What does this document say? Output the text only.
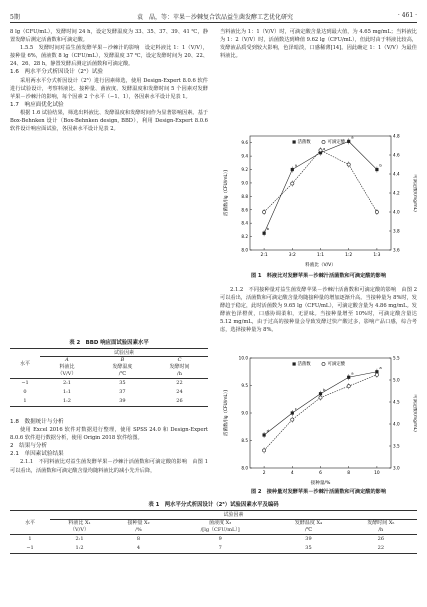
5期	袁　晶，等：苹果－沙棘复合饮品益生菌发酵工艺优化研究	· 461 ·

8 lg（CFU/mL），发酵时间 24 h，设定发酵温度为 33、35、37、39、41 ℃，静置发酵后测定活菌数和可滴定酸。

1.5.5　发酵时间对益生菌发酵苹果－沙棘汁的影响　设定料液比 1：1（V/V），接种量 6%，菌液数 8 lg（CFU/mL），发酵温度 37 ℃，设定发酵时间为 20、22、24、26、28 h，静置发酵后测定活菌数和可滴定酸。

1.6　两水平分式析因设计（2⁵）试验

采用两水平分式析因设计（2⁵）进行因素筛选，使用 Design-Expert 8.0.6 软件进行试验设计，考察料液比、接种量、菌液度、发酵温度和发酵时间 5 个因素对发酵苹果－沙棘汁的影响，每个因素 2 个水平（−1、1），各因素水平设计见表 1。

1.7　响应面优化试验

根据 1.6 试验结果，筛选出料液比、发酵温度和发酵时间作为显著影响因素。基于 Box-Behnken 设计（Box-Behnken design, BBD），利用 Design-Expert 8.0.6 软件设计响应面试验，各因素水平设计见表 2。

表 2　BBD 响应面试验因素水平
水平	试验因素		
	A
料液比
（V/V）	B
发酵温度
/℃	C
发酵时间
/h
−1	2:1	35	22
0	1:1	37	24
1	1:2	39	26

1.8　数据统计与分析

使用 Excel 2016 软件对数据进行整理，使用 SPSS 24.0 和 Design-Expert 8.0.6 软件进行数据分析，使用 Origin 2018 软件绘图。

2　结果与分析

2.1　单因素试验结果

2.1.1　不同料液比对益生菌发酵苹果－沙棘汁活菌数和可滴定酸的影响　由图 1 可以看出，活菌数和可滴定酸含量均随料液比的减小先升后降，

当料液比为 1：1（V/V）时，可滴定酸含量达到最大值，为 4.65 mg/mL；当料液比为 1：2（V/V）时，活菌数达到峰值 9.62 lg（CFU/mL），但此时由于料液比较高，发酵液品质受到较大影响，色泽暗淡，口感稀薄[14]。因此确定 1：1（V/V）为最佳料液比。

8.0
8.2
8.4
8.6
8.8
9.0
9.2
9.4
9.6
3.6
3.8
4.0
4.2
4.4
4.6
4.8
2:1	3:2	1:1	1:2	1:3
料液比（V/V）
活菌数/[lg（CFU/mL）]	可滴定酸/(mg/mL)
b
a
a
a
b
活菌数	可滴定酸
图 1　料液比对发酵苹果－沙棘汁活菌数和可滴定酸的影响

2.1.2　不同接种量对益生菌发酵苹果－沙棘汁活菌数和可滴定酸的影响　由图 2 可以看出，活菌数和可滴定酸含量均随接种量的增加逐渐升高。当接种量为 8%时，发酵趋于稳定，此时活菌数为 9.65 lg（CFU/mL），可滴定酸含量为 4.86 mg/mL。发酵液色泽橙黄，口感协调柔和，无涩味。当接种量增至 10%时，可滴定酸含量达 5.12 mg/mL，由于过高的接种量会导致发酵过快产酸过多，影响产品口感，综合考虑，选择接种量为 8%。

8.0
8.5
9.0
9.5
10.0
3.0
3.5
4.0
4.5
5.0
5.5
2	4	6	8	10
接种量/%
活菌数/[lg（CFU/mL）]	可滴定酸/(mg/mL)
d
c
b
a
a
活菌数	可滴定酸
图 2　接种量对发酵苹果－沙棘汁活菌数和可滴定酸的影响
表 1　两水平分式析因设计（2⁵）试验因素水平及编码
水平	试验因素				
	料液比 X₁
（V/V）	接种量 X₂
/%	菌液度 X₃
/[lg（CFU/mL）]	发酵温度 X₄
/℃	发酵时间 X₅
/h
1	2:1	8	9	39	26
−1	1:2	4	7	35	22
